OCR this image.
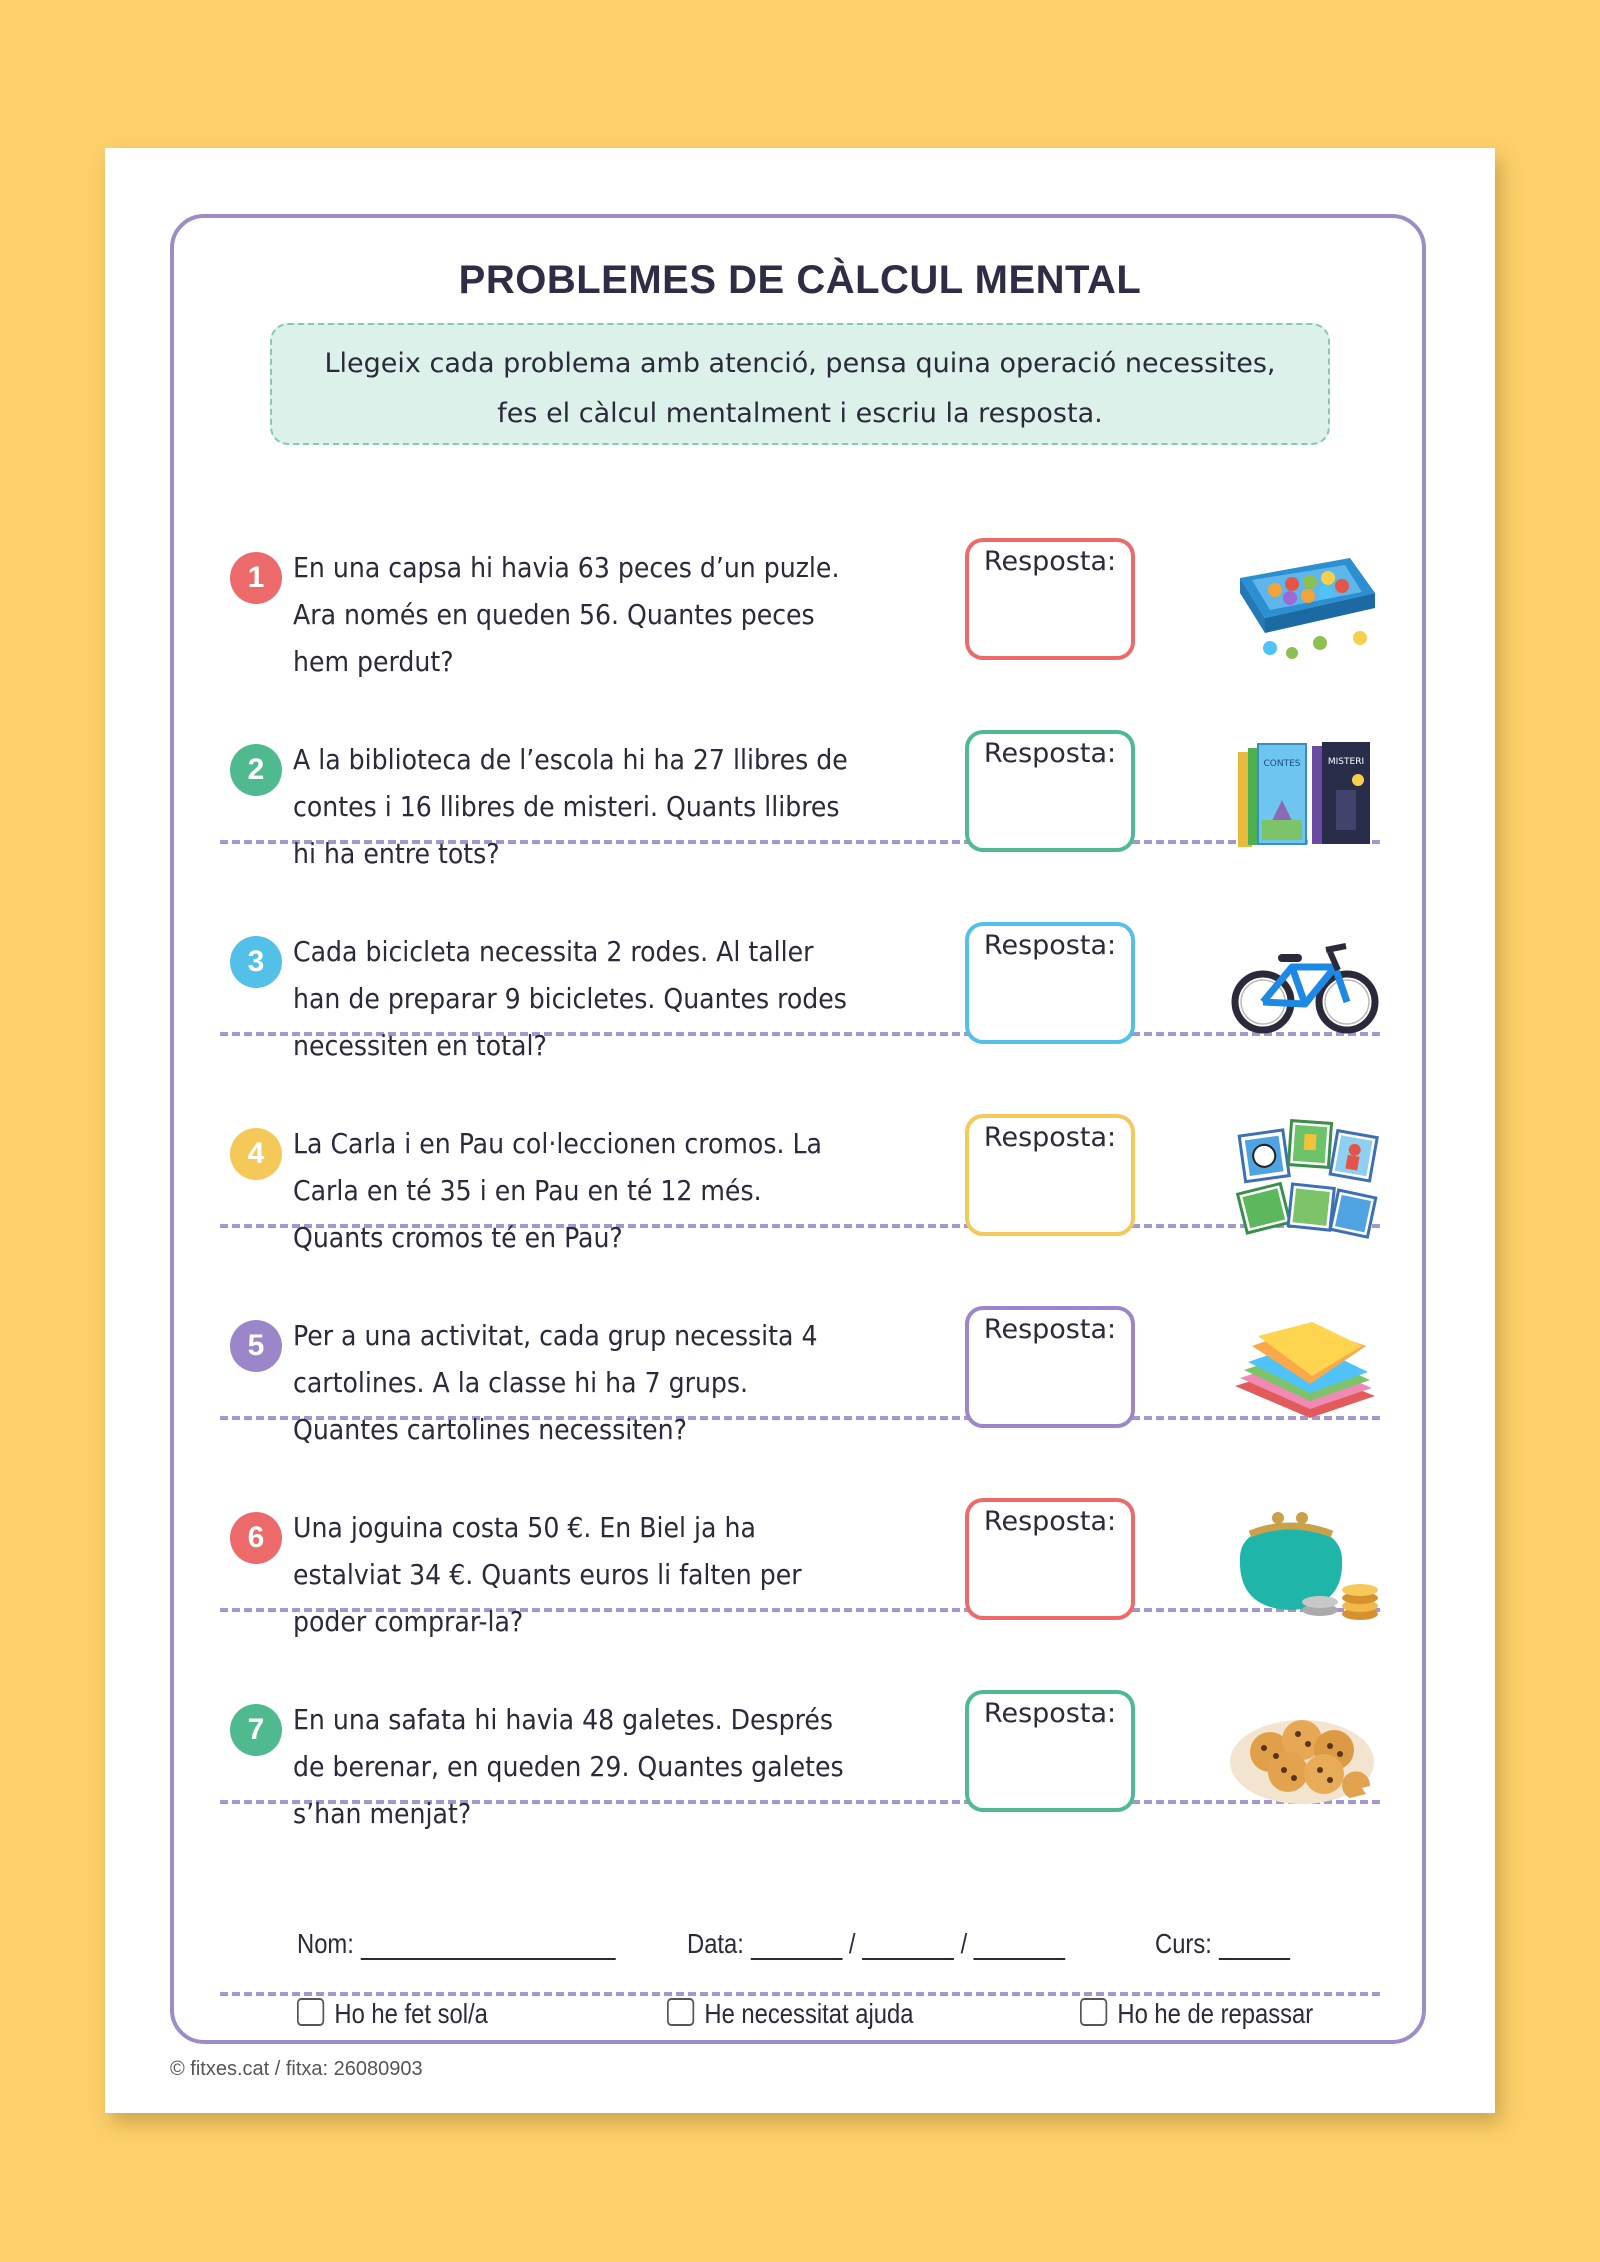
PROBLEMES DE CÀLCUL MENTAL
Llegeix cada problema amb atenció, pensa quina operació necessites,
fes el càlcul mentalment i escriu la resposta.
1	En una capsa hi havia 63 peces d’un puzle.
Ara només en queden 56. Quantes peces
hem perdut?
Resposta:
2	A la biblioteca de l’escola hi ha 27 llibres de
contes i 16 llibres de misteri. Quants llibres
hi ha entre tots?
Resposta:	CONTES	MISTERI
3	Cada bicicleta necessita 2 rodes. Al taller
han de preparar 9 bicicletes. Quantes rodes
necessiten en total?
Resposta:
4	La Carla i en Pau col·leccionen cromos. La
Carla en té 35 i en Pau en té 12 més.
Quants cromos té en Pau?
Resposta:
5	Per a una activitat, cada grup necessita 4
cartolines. A la classe hi ha 7 grups.
Quantes cartolines necessiten?
Resposta:
6	Una joguina costa 50 €. En Biel ja ha
estalviat 34 €. Quants euros li falten per
poder comprar-la?
Resposta:
7	En una safata hi havia 48 galetes. Després
de berenar, en queden 29. Quantes galetes
s’han menjat?
Resposta:
Nom:	Data:	/	/	Curs:
Ho he fet sol/a	He necessitat ajuda	Ho he de repassar
© fitxes.cat / fitxa: 26080903
